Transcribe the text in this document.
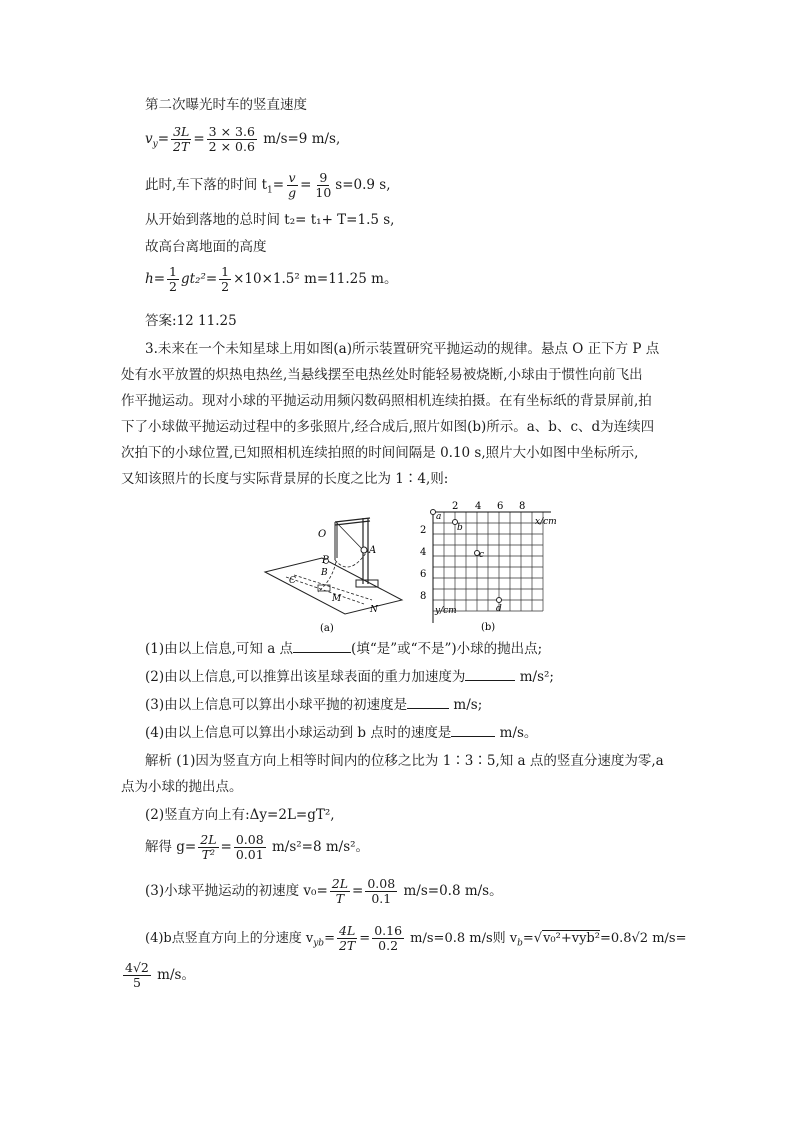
第二次曝光时车的竖直速度
$v_y= \frac{3L}{2T} = \frac{3 \times 3.6}{2 \times 0.6} m/s=9$ m/s,
此时,车下落的时间 $t_1= \frac{v}{g} = \frac{9}{10} s=0.9$ s,
从开始到落地的总时间 t₂= t₁+ T=1.5 s,
故高台离地面的高度
$h= \frac{1}{2} gt_2^2= \frac{1}{2} \times 10\times 1.5^2$ m=11.25 m。
答案:12 11.25
3.未来在一个未知星球上用如图(a)所示装置研究平抛运动的规律。悬点 O 正下方 P 点
处有水平放置的炽热电热丝,当悬线摆至电热丝处时能轻易被烧断,小球由于惯性向前飞出
作平抛运动。现对小球的平抛运动用频闪数码照相机连续拍摄。在有坐标纸的背景屏前,拍
下了小球做平抛运动过程中的多张照片,经合成后,照片如图(b)所示。a、b、c、d为连续四
次拍下的小球位置,已知照相机连续拍照的时间间隔是 0.10 s,照片大小如图中坐标所示,
又知该照片的长度与实际背景屏的长度之比为 1∶4,则:
O
P
B
A
C
M
N
(a)
2 4 6 8
x/cm
2
4
6
8
y/cm
a
b
c
d
(b)
(1)由以上信息,可知 a 点	(填“是”或“不是”)小球的抛出点;
(2)由以上信息,可以推算出该星球表面的重力加速度为	m/s²;
(3)由以上信息可以算出小球平抛的初速度是	m/s;
(4)由以上信息可以算出小球运动到 b 点时的速度是	m/s。
解析 (1)因为竖直方向上相等时间内的位移之比为 1∶3∶5,知 a 点的竖直分速度为零,a
点为小球的抛出点。
(2)竖直方向上有:Δy=2L=gT²,
解得 $g= \frac{2L}{\text{T²}} = \frac{0.08}{0.01} m/s^2=8$ m/s²。
(3)小球平抛运动的初速度 $v_0= \frac{2L}{T} = \frac{0.08}{0.1} m/s=0.8$ m/s。
(4)b点竖直方向上的分速度 $v_{yb}= \frac{4L}{2T} = \frac{0.16}{0.2} m/s=0.8$ m/s则 $v_b=√v_0^2+vyb^2=0.8√2$ m/s=
$\frac{4√2}{5} m/s$。
